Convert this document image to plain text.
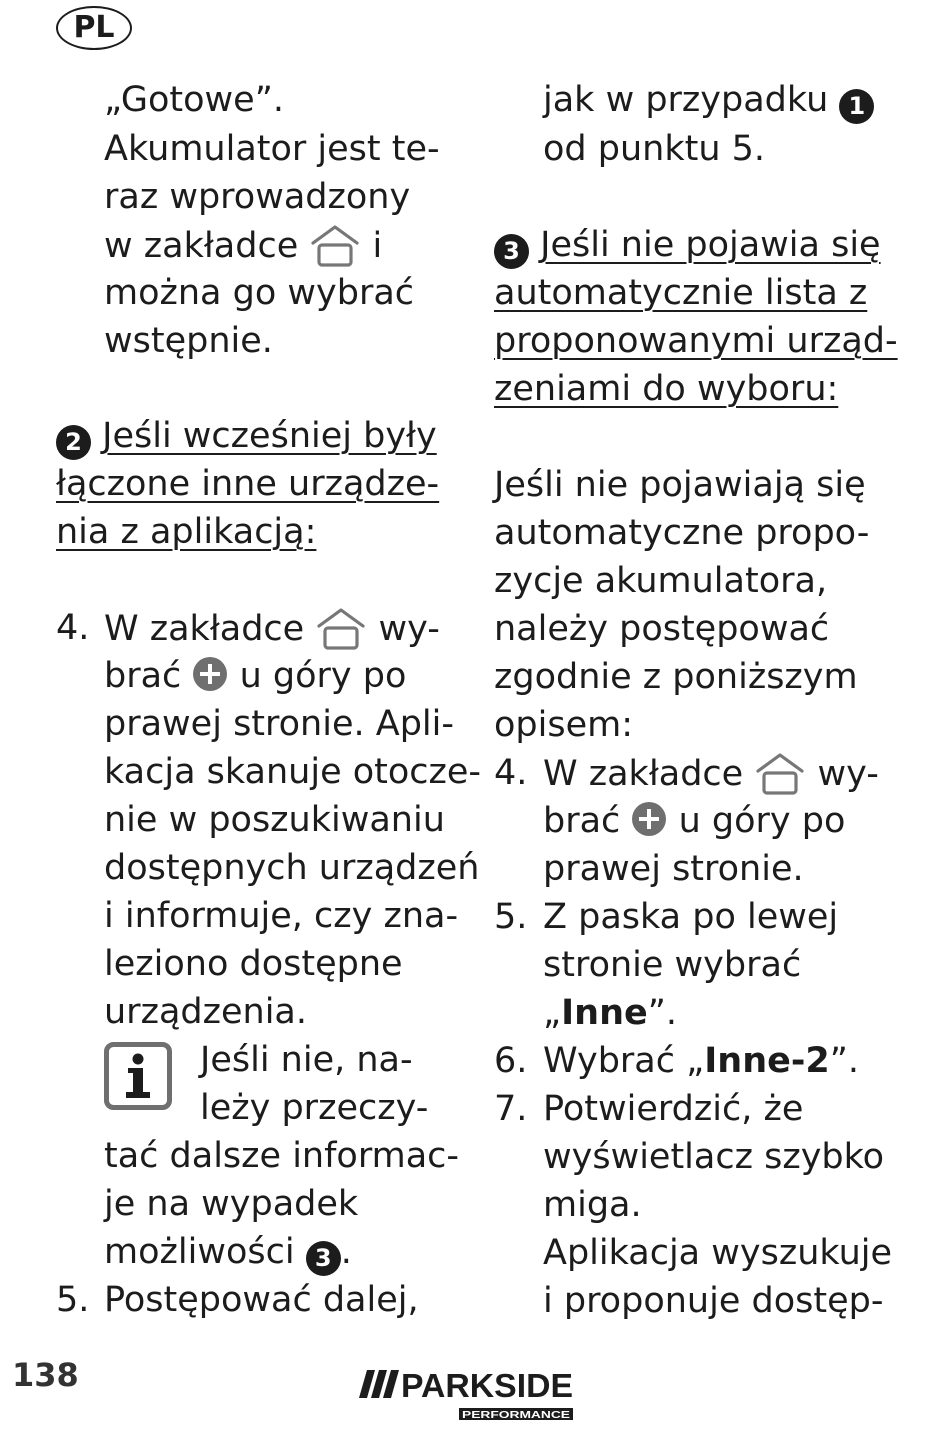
PL
„Gotowe”.
Akumulator jest te-
raz wprowadzony
w zakładce i
można go wybrać
wstępnie.
2 Jeśli wcześniej były
łączone inne urządze-
nia z aplikacją:
4. W zakładce wy-
brać u góry po
prawej stronie. Apli-
kacja skanuje otocze-
nie w poszukiwaniu
dostępnych urządzeń
i informuje, czy zna-
leziono dostępne
urządzenia.
Jeśli nie, na-
leży przeczy-
tać dalsze informac-
je na wypadek
możliwości 3 .
5. Postępować dalej,
jak w przypadku 1
od punktu 5.
3 Jeśli nie pojawia się
automatycznie lista z
proponowanymi urząd-
zeniami do wyboru:
Jeśli nie pojawiają się
automatyczne propo-
zycje akumulatora,
należy postępować
zgodnie z poniższym
opisem:
4. W zakładce wy-
brać u góry po
prawej stronie.
5. Z paska po lewej
stronie wybrać
„Inne”.
6. Wybrać „Inne-2”.
7. Potwierdzić, że
wyświetlacz szybko
miga.
Aplikacja wyszukuje
i proponuje dostęp-
138	PARKSIDE
PERFORMANCE
